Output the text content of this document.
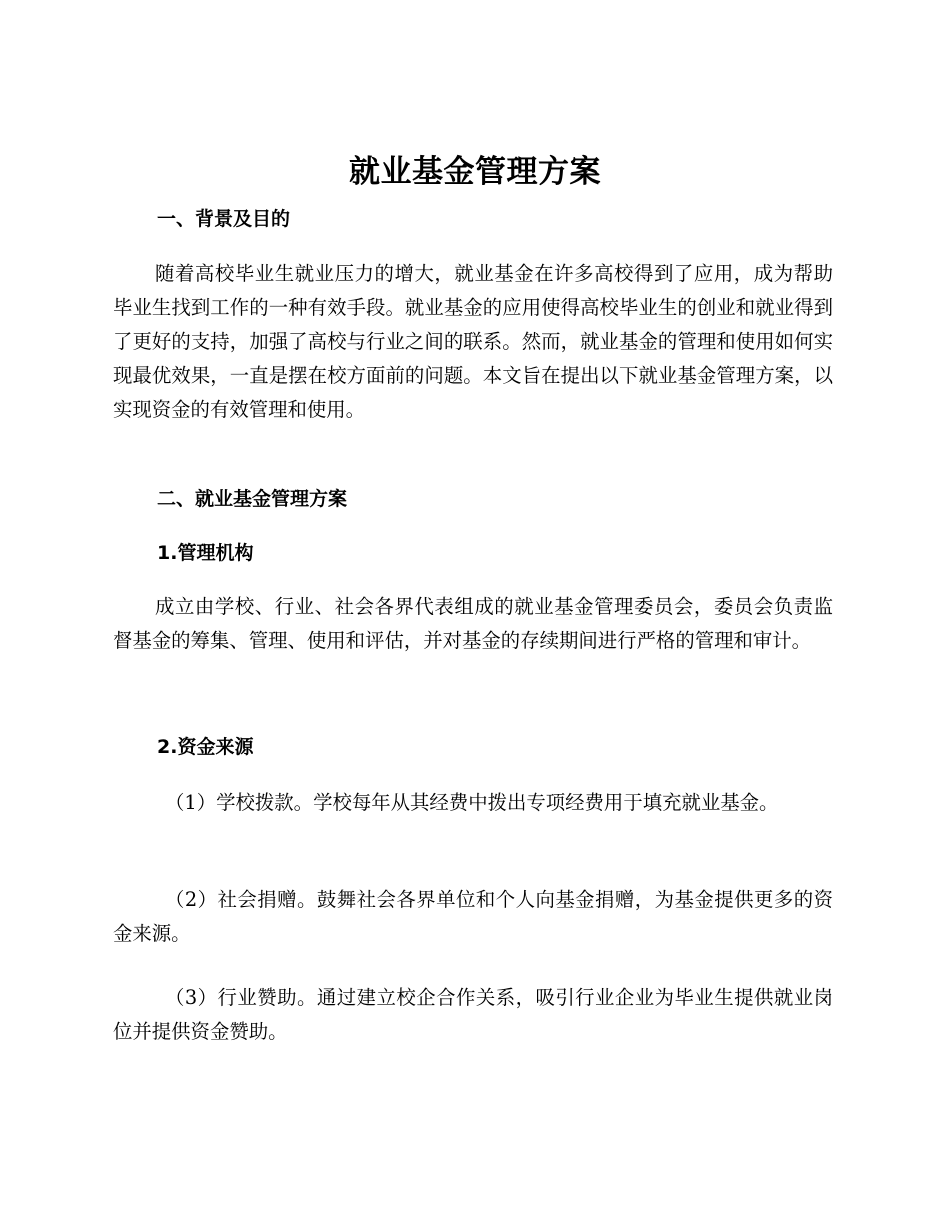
就业基金管理方案
一、背景及目的
随着高校毕业生就业压力的增大，就业基金在许多高校得到了应用，成为帮助毕业生找到工作的一种有效手段。就业基金的应用使得高校毕业生的创业和就业得到了更好的支持，加强了高校与行业之间的联系。然而，就业基金的管理和使用如何实现最优效果，一直是摆在校方面前的问题。本文旨在提出以下就业基金管理方案，以实现资金的有效管理和使用。
二、就业基金管理方案
1.管理机构
成立由学校、行业、社会各界代表组成的就业基金管理委员会，委员会负责监督基金的筹集、管理、使用和评估，并对基金的存续期间进行严格的管理和审计。
2.资金来源
（1）学校拨款。学校每年从其经费中拨出专项经费用于填充就业基金。
（2）社会捐赠。鼓舞社会各界单位和个人向基金捐赠，为基金提供更多的资金来源。
（3）行业赞助。通过建立校企合作关系，吸引行业企业为毕业生提供就业岗位并提供资金赞助。
